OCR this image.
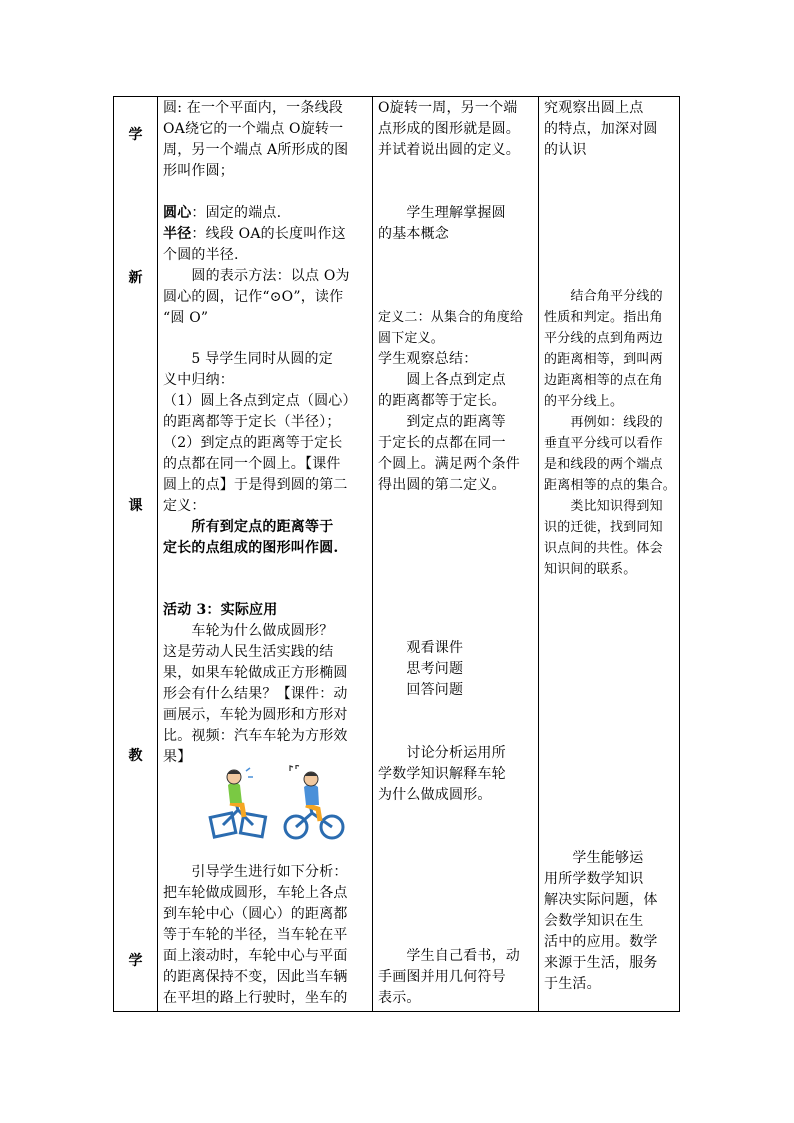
学
新
课
教
学
圆: 在一个平面内，一条线段
OA绕它的一个端点 O旋转一
周，另一个端点 A所形成的图
形叫作圆；
圆心：固定的端点.
半径：线段 OA的长度叫作这
个圆的半径.
　　圆的表示方法：以点 O为
圆心的圆，记作“⊙O”，读作
“圆 O”
　　5 导学生同时从圆的定
义中归纳：
（1）圆上各点到定点（圆心）
的距离都等于定长（半径）；
（2）到定点的距离等于定长
的点都在同一个圆上。【课件
圆上的点】于是得到圆的第二
定义：
　　所有到定点的距离等于
定长的点组成的图形叫作圆.
活动 3：实际应用
　　车轮为什么做成圆形？
这是劳动人民生活实践的结
果，如果车轮做成正方形椭圆
形会有什么结果？【课件：动
画展示，车轮为圆形和方形对
比。视频：汽车车轮为方形效
果】
　　引导学生进行如下分析：
把车轮做成圆形，车轮上各点
到车轮中心（圆心）的距离都
等于车轮的半径，当车轮在平
面上滚动时，车轮中心与平面
的距离保持不变，因此当车辆
在平坦的路上行驶时，坐车的
O旋转一周，另一个端
点形成的图形就是圆。
并试着说出圆的定义。
　　学生理解掌握圆
的基本概念
定义二：从集合的角度给
圆下定义。
学生观察总结：
　　圆上各点到定点
的距离都等于定长。
　　到定点的距离等
于定长的点都在同一
个圆上。满足两个条件
得出圆的第二定义。
　　观看课件
　　思考问题
　　回答问题
　　讨论分析运用所
学数学知识解释车轮
为什么做成圆形。
　　学生自己看书，动
手画图并用几何符号
表示。
究观察出圆上点
的特点，加深对圆
的认识
　　结合角平分线的
性质和判定。指出角
平分线的点到角两边
的距离相等，到叫两
边距离相等的点在角
的平分线上。
　　再例如：线段的
垂直平分线可以看作
是和线段的两个端点
距离相等的点的集合。
　　类比知识得到知
识的迁徙，找到同知
识点间的共性。体会
知识间的联系。
　　学生能够运
用所学数学知识
解决实际问题，体
会数学知识在生
活中的应用。数学
来源于生活，服务
于生活。
